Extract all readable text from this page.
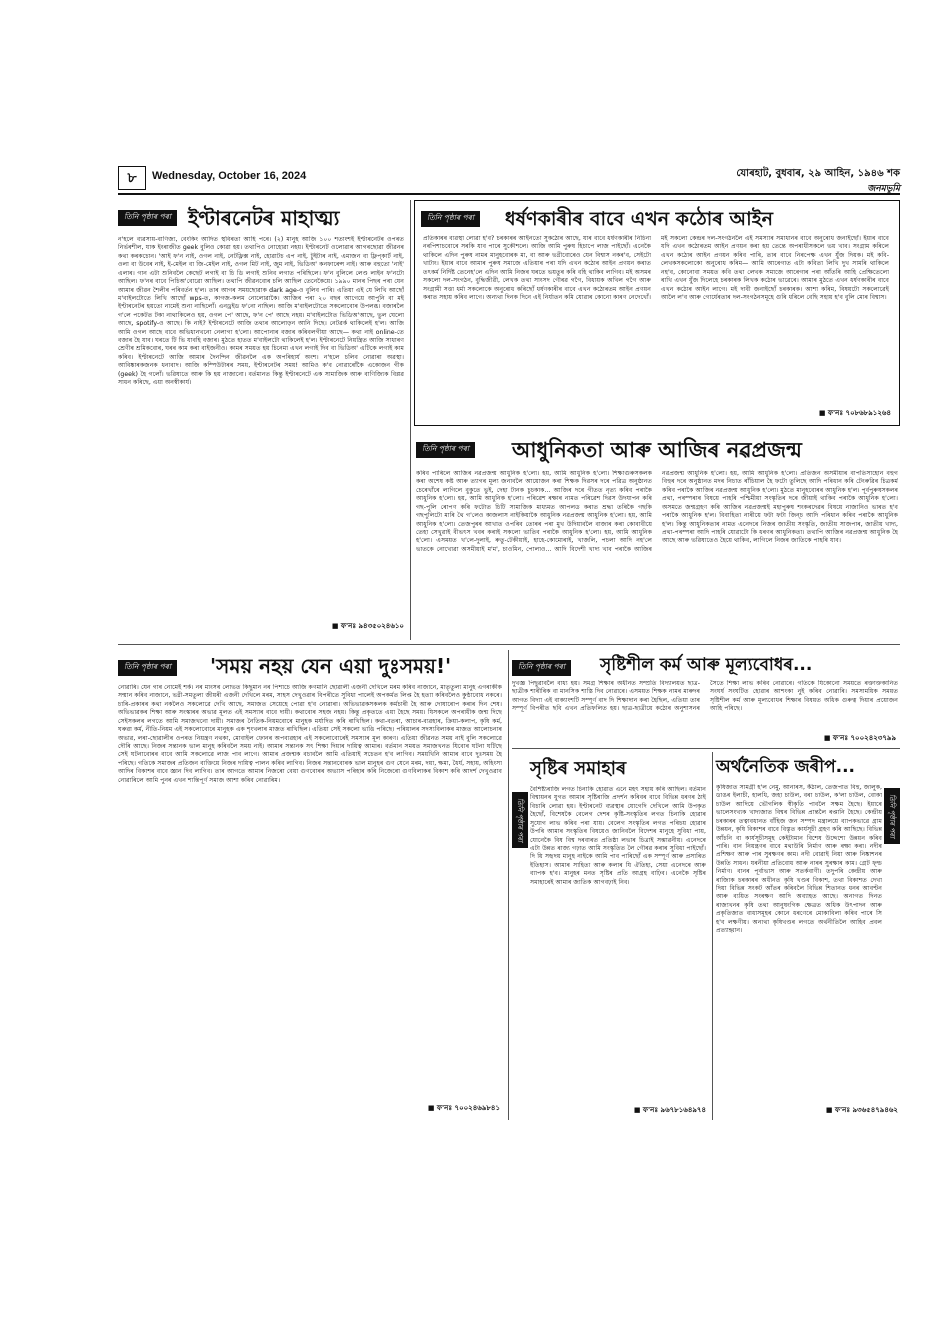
৮	Wednesday, October 16, 2024	যোৰহাট, বুধবাৰ, ২৯ আহিন, ১৯৪৬ শক
জনমভূমি
তিনি পৃষ্ঠাৰ পৰা ইণ্টাৰনেটৰ মাহাত্ম্য
ন'হলে ব্যৱসায়-বাণিজ্য, বেংকিং আদিত স্থবিৰতা আহি পৰে। (২) মানুহ আজি ১০০ শতাংশই ইণ্টাৰনেটৰ ওপৰত নিৰ্ভৰশীল, যাক ইংৰাজীত geek বুলিও কোৱা হয়। তথাপিও নোহোৱা নহয়। ইণ্টাৰনেট ওলোৱাৰ আগৰছোৱা জীৱনৰ কথা কৰকচোন। 'আই ফ'ন নাই, ওগল নাই, নেটফ্লিক্স নাই, হোৱাটচ এপ নাই, টুইটাৰ নাই, এমাজন বা ফ্লিপ্‌কাৰ্ট নাই, ওলা বা উবেৰ নাই, ই-মেইল বা জি-মেইল নাই, ওগল মিট নাই, জুম নাই, ভিডিঅ' কনফাৰেন্স নাই। আৰু বহুতো 'নাই' এলাৰ। গান এটা শুনিবলৈ কেছেট লগাই বা চি ডি লগাই শুনিব লগাত পৰিছিলে। ফ'ন বুলিলে লেণ্ড লাইন ফ'নটো আছিল। ফ'নৰ বাবে পিচিঅ'বোৱো আছিল। তথাপি জীৱনবোৰ চলি আছিল তেনেকৈয়ে। ১৯৯০ মানৰ পিছৰ পৰা যেন আমাৰ জীৱন শৈলীৰ পৰিবৰ্তন হ'ল। তাৰ আগৰ সময়ছোৱাক dark age-ও বুলিব পাৰি। এতিয়া এই যে লিখি আছোঁ ম'বাইলটোতে লিখি আছোঁ wps-ত, কাগজ-কলম নোলোৱাকৈ। আজিৰ পৰা ২০ বছৰ আগেয়ে আপুনি বা মই ইণ্টাৰনেটৰ হয়তো নামেই শুনা নাছিলোঁ। এনড্ৰইড ফ'নো নাছিল। আজি ম'বাইলটোতে সকলোবোৰ উপলব্ধ। বজাৰলৈ গ'লে পকেটত টকা নাথাকিলেও হয়, ওগল পে' আছে, ফ'ন পে' আছে নহয়। ম'বাইলটোত ভিডিঅ'আছে, ভুল ঘেলো আছে, spotify-ও আছে। কি নাই? ইণ্টাৰনেটে আজি তথ্যৰ আলোড়ন আনি দিছে। নেটৱৰ্ক থাকিলেই হ'ল। আজি আমি ওগল আছে বাবে অভিধানখনো নেলাগা হ'লো। আপোনাৰ বজাৰ কৰিবলগীয়া আছে— কথা নাই online-তে বজাৰ হৈ যাব। ঘৰতে টি ভি যাবহি বজাৰ। মুঠতে হাতত ম'বাইলটো থাকিলেই হ'ল। ইণ্টাৰনেটে নিয়ন্ত্ৰিত আজি সাধাৰণ শ্ৰেণীৰ শ্ৰমিকবোৰ, ঘৰৰ কাম কৰা বাইজনীও। কামৰ সময়ত হয় চিনেমা এখন লগাই দিব বা ভিডিঅ' এটিকে লগাই কাম কৰিব। ইণ্টাৰনেটে আজি আমাৰ দৈনন্দিন জীৱনলৈ এক অপৰিহাৰ্য অংশ। ন'হলে চলিব নোৱাৰা অৱস্থা। আবিষ্কাৰকজনক ধন্যবাদ। আজি কম্পিউটাৰৰ সময়, ইণ্টাৰনেটৰ সময়! আমিও ক'ব নোৱাৰোঁকৈ একোজন গীক (geek) হৈ গলোঁ। ভৱিষ্যতে আৰু কি হয় নাজানো। বৰ্তমানত কিন্তু ইণ্টাৰনেটে এক সামাজিক আৰু বাণিজ্যিক বিপ্লৱ সাধন কৰিছে, এয়া অনস্বীকাৰ্য।
■ ফ'নঃ ৯৪৩৫০২৪৬১০
তিনি পৃষ্ঠাৰ পৰা	ধৰ্ষণকাৰীৰ বাবে এখন কঠোৰ আইন
প্ৰতিকাৰৰ ব্যৱস্থা লোৱা হ'ব? চৰকাৰৰ আইনতো সুকঠোৰ আছে, যাৰ বাবে ধৰ্ষণকাৰীৰ নিচিনা নৰপিশাচবোৰে সৰকি যাব পাৰে সুকৌশলে। আজি আমি পুৰুষ হিচাপে লাজ পাইছোঁ। এনেকৈ থাকিলে এদিন পুৰুষ নামৰ মানুহবোৰক মা, বা আৰু ভগ্নীবোৰেও যেন বিশ্বাস নকৰ'ব, সেইটো খাটাং। ইয়াৰ বাবে আমাৰ পুৰুষ সমাজে এতিয়াৰ পৰা যদি এখন কঠোৰ আইন প্ৰণয়ন কৰাত তৎকৰ্ম নিৰ্দিষ্ট তেনেহ'লে এদিন আমি নিজৰ ঘৰতে ভয়তুৰ কৰি বহি থাকিব লাগিব। মই অসমৰ সকলো দল-সংগঠন, বুদ্ধিজীৱী, লেখক তথা সাংসদ গৌৰৱ গগৈ, বিধায়ক অখিল গগৈ আৰু সংগ্ৰামী সত্তা ধৰ্মা সকলোকে অনুৰোধ কৰিছোঁ ধৰ্ষণকাৰীৰ বাবে এখন কঠোৰতম আইন প্ৰণয়ন কৰাত সহায় কৰিব লাগে। অন্যথা দিনক দিনে এই নিৰ্যাতন কমি যোৱাৰ কোনো কাৰণ নেদেখোঁ। মই সকলো কেন্দ্ৰৰ দল-সংগঠনলৈ এই সমস্যাৰ সমাধানৰ বাবে অনুৰোধ জনাইছোঁ। ইয়াৰ বাবে যদি এখন কঠোৰতম আইন প্ৰণয়ন কৰা হয় তেন্তে অপৰাধীসকলে ভয় খাব। সংগ্ৰাম কৰিলে এখন কঠোৰ আইন প্ৰণয়ন কৰিব পাৰি, তাৰ বাবে নিৰপেক্ষ এখন যুঁজ দিয়ক। মই কবি-লেখকসকলোকো অনুৰোধ কৰিম— আমি আৰেগাত এটা কবিতা লিখি দুখ সামৰি থাকিলে নহ'ব, কোনোবা সময়ত কবি তথা লেখক সমাজে আৰেগাৰ পৰা আঁতৰি আহি প্ৰেক্ষিতেলো ৰাখি এখন যুঁজ দিলেহে চৰকাৰক লিখক কঠোৰ ভাৱেৰে। আমাৰ মুঠতে এখন ধৰ্ষণকাৰীৰ বাবে এখন কঠোৰ আইন লাগে। মই দাবী জনাইছোঁ চৰকাৰক। আশা কৰিম, বিষয়টো সকলোৱেই আলৈ ল'ব আৰু গোৰ্যেৰতাৰ দল-সংগঠনসমূহে গুৰি ধৰিলে বেছি সহায় হ'ব বুলি মোৰ বিশ্বাস।
■ ফ'নঃ ৭০৮৬৮৯১২৬৪
তিনি পৃষ্ঠাৰ পৰা আধুনিকতা আৰু আজিৰ নৱপ্ৰজন্ম
কৰিব পাৰিলে আজিৰ নৱপ্ৰজন্ম আধুনিক হ'লো। হয়, আমি আধুনিক হ'লো। শিক্ষাগুৰুসকলক কৰা অশেষ কষ্ট আৰু ত্যাগৰ মূল্য জনাবলৈ আয়োজন কৰা শিক্ষক দিৱসৰ দৰে পৱিত্ৰ অনুষ্ঠানত চেৰেখাঁৰে লাগিলে বুকুতে ভুই, দেহা টানক চুচকাক... আজিৰ দৰে গীতত নৃত্য কৰিব পৰাকৈ আধুনিক হ'লো। হয়, আমি আধুনিক হ'লো। পৰিৱেশ ৰক্ষাৰ নামত পৰিৱেশ দিৱস উদযাপন কৰি গছ-পুলি ৰোপণ কৰি ফটোত চিটি সামাজিক মাধ্যমত আপলড কৰাত শ্ৰদ্ধা তৰিকৈ গছকি গছপুলিটো মাৰি থৈ গ'লেও কাজলাস নাইকিয়াকৈ আধুনিক নৱপ্ৰজন্ম আধুনিক হ'লো। হয়, আমি আধুনিক হ'লো। তেজপুৰৰ আখাত ওপৰিব তোৰৰ পৰা মুখ উদিয়াবলৈ বাজাৰ কৰা কোবাবীয়ে তেহা সেখুৱাই বীভৎস খবৰ কৰাই সকলো ভাতিব পৰাকৈ আধুনিক হ'লো। হয়, আমি আধুনিক হ'লো। এসময়ত খ'লে-দুলাই, ৰুতু-টেকীয়াই, হাহে-কোমোৰাই, খাজলি, পচলা আদি নহ'লে ভাতকে নোখোৱা অসমীয়াই ম'ম', চাওমিন, পোলাও... আদি বিদেশী খাদ্য খাব পৰাকৈ আজিৰ নৱপ্ৰজন্ম আধুনিক হ'লো। হয়, আমি আধুনিক হ'লো। প্ৰতিজন অসমীয়াৰ বাপতিসাহোন বহুগ বিহুৰ দৰে অনুষ্ঠানত মদৰ নিচাত ৰাঁচিয়াল হৈ ফটো তুলিছে আদি পৰিধান কৰি টেংৰুৱিৰ চিত্ৰকৰ্ম কৰিব পৰাকৈ আজিৰ নৱপ্ৰজন্ম আধুনিক হ'লো। মুঠতে মানুহবোৰৰ আধুনিক হ'ল। পূৰ্বপুৰুষসকলৰ প্ৰথা, পৰম্পৰাৰ বিষয়ে পাহৰি পশ্চিমীয়া সংস্কৃতিৰ দৰে জীয়াই থাকিব পৰাকৈ আধুনিক হ'লো। অসমতে জন্মগ্ৰহণ কৰি আজিৰ নৱপ্ৰজন্মই মহাপুৰুষ শংকৰদেৱৰ বিষয়ে নাজানিও ভাৰত হ'ব পৰাকৈ আধুনিক হ'ল। বিবাহিতা নাৰীয়ে ফটা ফটা জিন্‌চ আদি পৰিধান কৰিব পৰাকৈ আধুনিক হ'ল। কিন্তু আধুনিকতাৰ নামত এনেদৰে নিজৰ জাতীয় সংস্কৃতি, জাতীয় সাজপাৰ, জাতীয় খাদ্য, প্ৰথা-পৰম্পৰা আদি পাহৰি যোৱাটো কি ধৰণৰ আধুনিকতা। তথাপি আজিৰ নৱপ্ৰজন্ম আধুনিক হৈ আছে আৰু ভৱিষ্যতেও হৈয়ে থাকিব, লাগিলে নিজৰ জাতিকে পাহৰি যাব।
তিনি পৃষ্ঠাৰ পৰা	'সময় নহয় যেন এয়া দুঃসময়!'
নোৱাৰি। যেন গাৰ নোমেই শৰ্ক। নৰ মাংসৰ লোভত কিছুমান নৰ পিশাচে আজি কণমানি ছোৱালী এজনী দেখিলে মৰম কৰিব নাজানে, মাতৃতুল্য মানুহ এগৰাকীক সন্মান কৰিব নাজানে, ভগ্নী-সমতুল্য জীয়ৰী এজনী দেখিলে মৰম, সাহস দেখুওৱাৰ বিপৰীতে সুবিধা পালেই অপকৰ্মত লিপ্ত হৈ হত্যা কৰিবলৈও কুণ্ঠাবোধ নকৰে। চাৰি-প্ৰকাৰৰ কথা নকলৈও সকলোৱে দেখি আছে, সমাজত সেয়েহে পোৱা হ'ব নোৱাৰা। অভিভাৱকসকলক কৰ্মচাৰী হৈ আৰু দোষাৰোপ কৰাৰ দিন শেষ। অভিভাৱকৰ শিক্ষা আৰু সংস্কাৰৰ অভাৱ মূলত এই সমস্যাৰ বাবে দায়ী। কথাবোৰ সহজ নহয়। কিন্তু প্ৰকৃততে এয়া হৈছে সময়। যিসকলে অপৰাধীক জন্ম দিছে সেইসকলৰ লগতে আমি সমাজখনো দায়ী। সমাজৰ নৈতিক-নিয়মবোৰে মানুহক মৰ্যাদিত কৰি ৰাখিছিল। কথা-বতৰা, আচাৰ-ব্যৱহাৰ, ক্ৰিয়া-কলাপ, কৃষি কৰ্ম, ঘৰুৱা কৰ্ম, নীতি-নিয়ম এই সকলোবোৰে মানুহক এক শৃংখলাৰ মাজত ৰাখিছিল। এতিয়া সেই সকলো ভাঙি পৰিছে। পৰিয়ালৰ সদস্যবিলাকৰ মাজত আলোচনাৰ অভাৱ, লৰা-ছোৱালীৰ ওপৰত নিয়ন্ত্ৰণ নথকা, মোবাইল ফোনৰ অপব্যৱহাৰ এই সকলোবোৰেই সমস্যাৰ মূল কাৰণ। এতিয়া জীৱনত সময় নাই বুলি সকলোৱে দৌৰি আছে। নিজৰ সন্তানক ভাল মানুহ কৰিবলৈ সময় নাই। আমাৰ সন্তানক সৎ শিক্ষা দিয়াৰ দায়িত্ব আমাৰ। বৰ্তমান সময়ত সমাজখনত যিবোৰ ঘটনা ঘটিছে সেই ঘটনাবোৰৰ বাবে আমি সকলোৱে লাজ পাব লাগে। আমাৰ প্ৰজন্মক বচাবলৈ আমি এতিয়াই সচেতন হ'ব লাগিব। সময়খিনি আমাৰ বাবে দুঃসময় হৈ পৰিছে। গতিকে সমাজৰ প্ৰতিজন ব্যক্তিয়ে নিজৰ দায়িত্ব পালন কৰিব লাগিব। নিজৰ সন্তানবোৰক ভাল মানুহৰ গুণ যেনে মৰম, দয়া, ক্ষমা, ধৈৰ্য, সহায়, অহিংসা আদিৰ বিকাশৰ বাবে জ্ঞান দিব লাগিব। তাৰ আগতে আমাৰ নিজৰো বেয়া গুণবোৰৰ অভ্যাস পৰিহাৰ কৰি নিজেৰো গুণবিলাকৰ বিকাশ কৰি আদৰ্শ দেখুওৱাব নোৱাৰিলে আমি পুনৰ এখন শান্তিপূৰ্ণ সমাজ আশা কৰিব নোৱাৰিম।
■ ফ'নঃ ৭০০২৪৬৯৮৪১
তিনি পৃষ্ঠাৰ পৰা	সৃষ্টিশীল কৰ্ম আৰু মূল্যবোধৰ...
দুখজ্ঞ পিছুৱাবলৈ বাধ্য হয়। সমগ্ৰ শিক্ষাৰ অধীনত সম্প্ৰতি বিদ্যালয়ত ছাত্ৰ-ছাত্ৰীক শাৰীৰিক বা মানসিক শাস্তি দিব নোৱাৰে। এসময়ত শিক্ষক নামৰ মাৰুদৰ আগত বিদ্যা এই বাক্যাংশটি সম্পূৰ্ণ বাদ দি শিক্ষাদান কৰা হৈছিল, এতিয়া তাৰ সম্পূৰ্ণ বিপৰীত ছবি এখন প্ৰতিফলিত হয়। ছাত্ৰ-ছাত্ৰীয়ে কঠোৰ অনুশাসনৰ সৈতে শিক্ষা লাভ কৰিব নোৱাৰে। গতিকে যিকোনো সময়তে ৰক্তাক্তকানিত সংঘৰ্ষ সংঘটিত হোৱাৰ আশংকা নুই কৰিব নোৱাৰি। সমসাময়িক সময়ত সৃষ্টিশীল কৰ্ম আৰু মূল্যবোধৰ শিক্ষাৰ বিষয়ত অধিক গুৰুত্ব দিয়াৰ প্ৰয়োজন আহি পৰিছে।
■ ফ'নঃ ৭০০২৪২৩৭৯৯
সৃষ্টিৰ সমাহাৰ
তিনি পৃষ্ঠাৰ পৰা
বৈশিষ্ট্যৰাজি লগত চিনাকি হোৱাত এনে মহৎ সহায় কৰি আছিল। বৰ্তমান বিশ্বায়নৰ যুগত আমাৰ সৃষ্টিৰাজি প্ৰদৰ্শন কৰিবৰ বাবে বিভিন্ন ধৰণৰ ঠাই বিচাৰি লোৱা হয়। ইণ্টাৰনেট ব্যৱস্থাৰ যোগেদি দেখিলে আমি উপকৃত হৈছোঁ, বিশেষকৈ বেলেগ দেশৰ কৃষ্টি-সংস্কৃতিৰ লগত চিনাকি হোৱাৰ সুযোগ লাভ কৰিব পৰা যায়। বেলেগ সংস্কৃতিৰ লগত পৰিচয় হোৱাৰ উপৰি আমাৰ সংস্কৃতিৰ বিষয়েও জানিবলৈ বিদেশৰ মানুহে সুবিধা পায়, যোনেকৈ বিষ বিশ্ব দৰবাৰত প্ৰতিষ্ঠা লভাৰ চিত্ৰাই সম্ভাৱনীয়। এনেদৰে এটা উন্নত ৰাজ্য গঢ়াত আমি সংস্কৃতিত লৈ গৌৰৱ কৰাৰ সুবিধা পাইছোঁ। দি য়ি সহৃদয় মানুহ নাইকে আমি পাব পাৰিছোঁ এক সম্পূৰ্ণ আৰু প্ৰসাৰিত ইতিহাস। আমাৰ সাহিত্য আৰু কলাৰ যি ঐতিহ্য, সেয়া এনেদৰে আৰু ব্যাপক হ'ব। মানুহৰ মনত সৃষ্টিৰ প্ৰতি আগ্ৰহ বাঢ়িব। এনেকৈ সৃষ্টিৰ সমাহাৰেই আমাৰ জাতিক আগবঢ়াই নিব।
■ ফ'নঃ ৯৬৭৮১৬৪৯৭৪
অৰ্থনৈতিক জৰীপ...
তিনি পৃষ্ঠাৰ পৰা
কৃষিজাত সামগ্ৰী হ'ল নেমু, আনাৰস, কঁঠাল, তেজপাত বিহু, জালুক, ডাঙৰ ইলাচী, হালধি, জহা চাউল, বৰা চাউল, ক'লা চাউল, বোকা চাউল আদিয়ে ভৌগলিক স্বীকৃতি পাবলৈ সক্ষম হৈছে। ইয়াৰে ভালেসংখ্যক খাদ্যজাত বিশ্বৰ বিভিন্ন প্ৰান্তলৈ ৰপ্তানি হৈছে। কেন্দ্ৰীয় চৰকাৰৰ তত্বাবধানত বাঁহিজ জন সম্পদ মন্ত্ৰালয়ে ব্যাপকভাৱে গ্ৰাম উন্নয়ন, কৃষি বিকাশৰ বাবে বিস্তৃত কাৰ্যসূচী গ্ৰহণ কৰি আছিছে। বিভিন্ন আঁচনি বা কাৰ্যসূচীসমূহ কেইটামান বিশেষ উদ্দেশ্যে উন্নয়ন কৰিব পাৰি। বান নিয়ন্ত্ৰণৰ বাবে মথাউৰি নিৰ্মাণ আৰু ৰক্ষা কৰা। নদীৰ প্ৰশিক্ষণ আৰু পাৰ সুৰক্ষণৰ কাম। নদী বোৱাই নিয়া আৰু নিষ্কাশনৰ উন্নতি সাধন। যৰনীয়া প্ৰতিবোধ আৰু নাৰৰ সুৰক্ষাৰ কাম। গ্ৰেট ফ্ল্ড নিৰ্মাণ। বানৰ পূৰ্বাভাস আৰু সতৰ্কবাণী। তদুপৰি কেন্দ্ৰীয় আৰু ৰাজ্যিক চৰকাৰৰ অধীনত কৃষি খণ্ডৰ বিকাশ, তথা বিকাশত দেখা দিয়া বিভিন্ন সংকট আঁতৰ কৰিবলৈ বিভিন্ন শিতানত ধনৰ আবণ্টন আৰু ব্যয়িত সংৰক্ষণ আদি অব্যাহত আছে। অনাগত দিনত ৰাজ্যখনৰ কৃষি তথা আনুষংগিক ক্ষেত্ৰত অধিক উৎপাদন আৰু প্ৰকৃতিজাত বাধাসমূহৰ কোনে ধৰণেৰে মোকাবিলা কৰিব পাৰে সি হ'ব লক্ষণীয়। অন্যথা কৃষিখণ্ডৰ লগতে অৰ্থনীতিলৈ আহিব প্ৰবল প্ৰত্যাহ্বান।
■ ফ'নঃ ৯৩৬৫৪৭৯৪৬২
